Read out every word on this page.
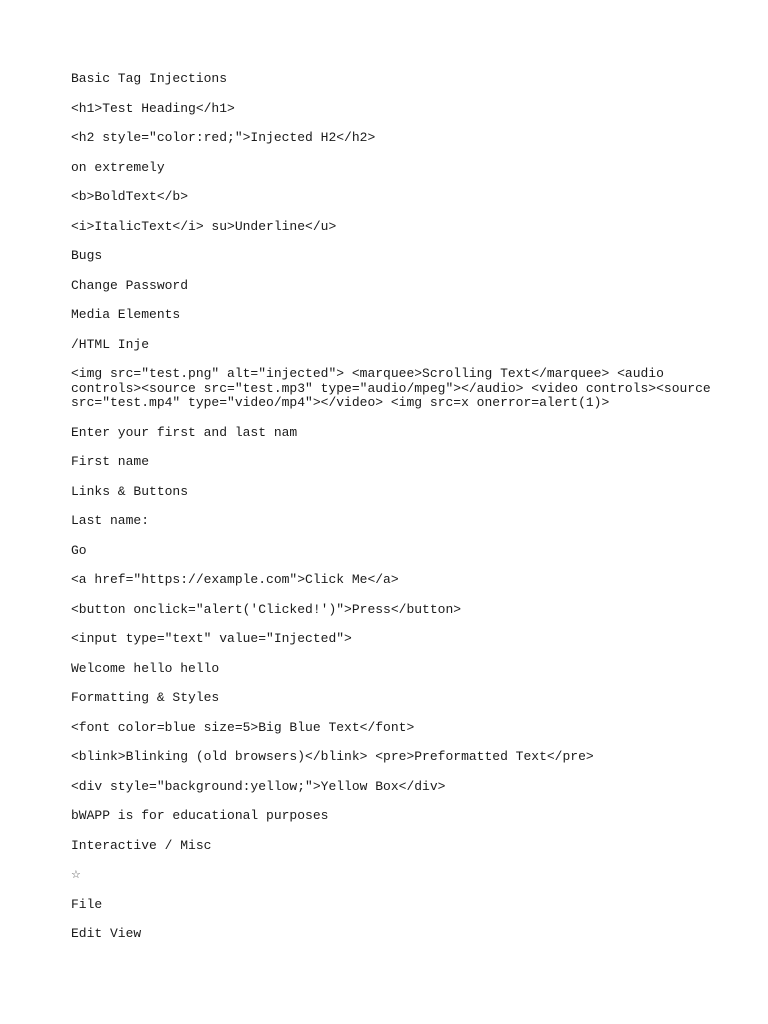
Basic Tag Injections

<h1>Test Heading</h1>

<h2 style="color:red;">Injected H2</h2>

on extremely

<b>BoldText</b>

<i>ItalicText</i> su>Underline</u>

Bugs

Change Password

Media Elements

/HTML Inje

<img src="test.png" alt="injected"> <marquee>Scrolling Text</marquee> <audio controls><source src="test.mp3" type="audio/mpeg"></audio> <video controls><source src="test.mp4" type="video/mp4"></video> <img src=x onerror=alert(1)>

Enter your first and last nam

First name

Links & Buttons

Last name:

Go

<a href="https://example.com">Click Me</a>

<button onclick="alert('Clicked!')">Press</button>

<input type="text" value="Injected">

Welcome hello hello

Formatting & Styles

<font color=blue size=5>Big Blue Text</font>

<blink>Blinking (old browsers)</blink> <pre>Preformatted Text</pre>

<div style="background:yellow;">Yellow Box</div>

bWAPP is for educational purposes

Interactive / Misc

☆

File

Edit View
